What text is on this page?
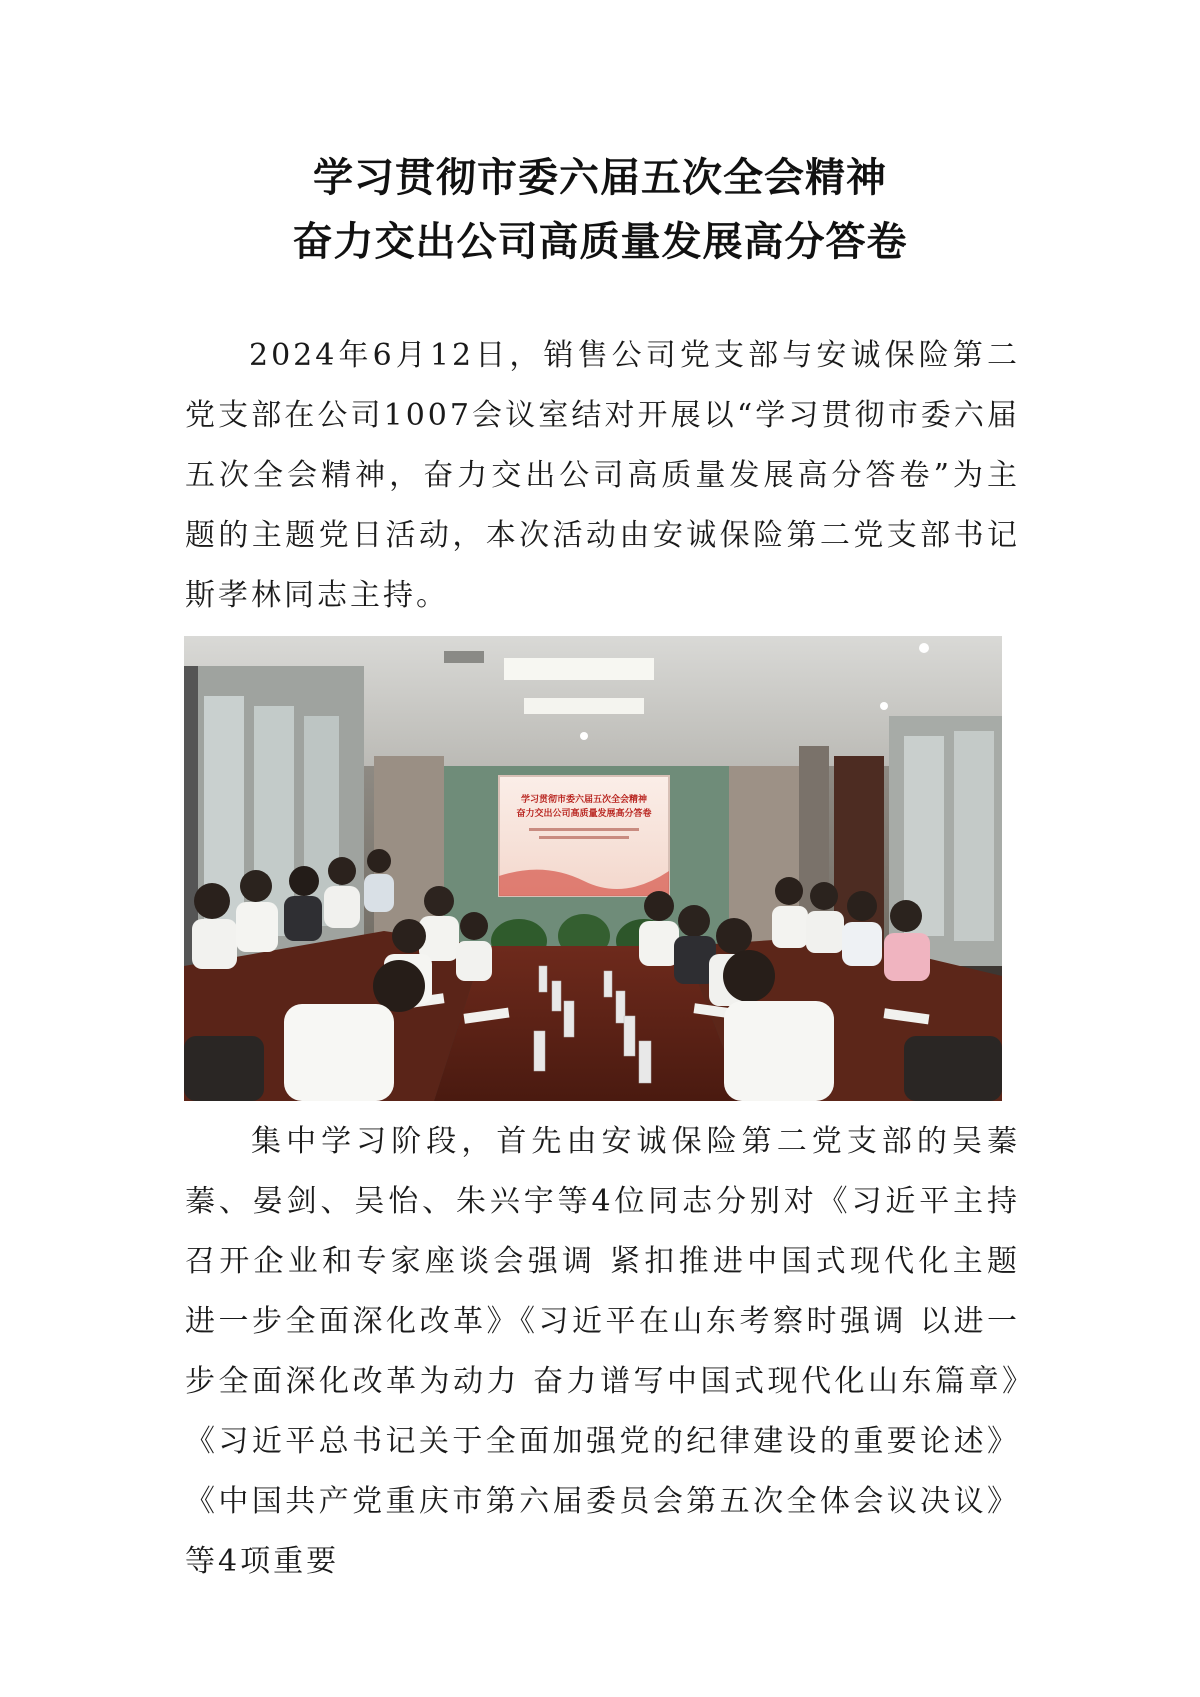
学习贯彻市委六届五次全会精神
奋力交出公司高质量发展高分答卷

2024年6月12日，销售公司党支部与安诚保险第二党支部在公司1007会议室结对开展以“学习贯彻市委六届五次全会精神，奋力交出公司高质量发展高分答卷”为主题的主题党日活动，本次活动由安诚保险第二党支部书记斯孝林同志主持。

学习贯彻市委六届五次全会精神
奋力交出公司高质量发展高分答卷

集中学习阶段，首先由安诚保险第二党支部的吴蓁蓁、晏剑、吴怡、朱兴宇等4位同志分别对《习近平主持召开企业和专家座谈会强调 紧扣推进中国式现代化主题 进一步全面深化改革》《习近平在山东考察时强调 以进一步全面深化改革为动力 奋力谱写中国式现代化山东篇章》《习近平总书记关于全面加强党的纪律建设的重要论述》《中国共产党重庆市第六届委员会第五次全体会议决议》等4项重要
